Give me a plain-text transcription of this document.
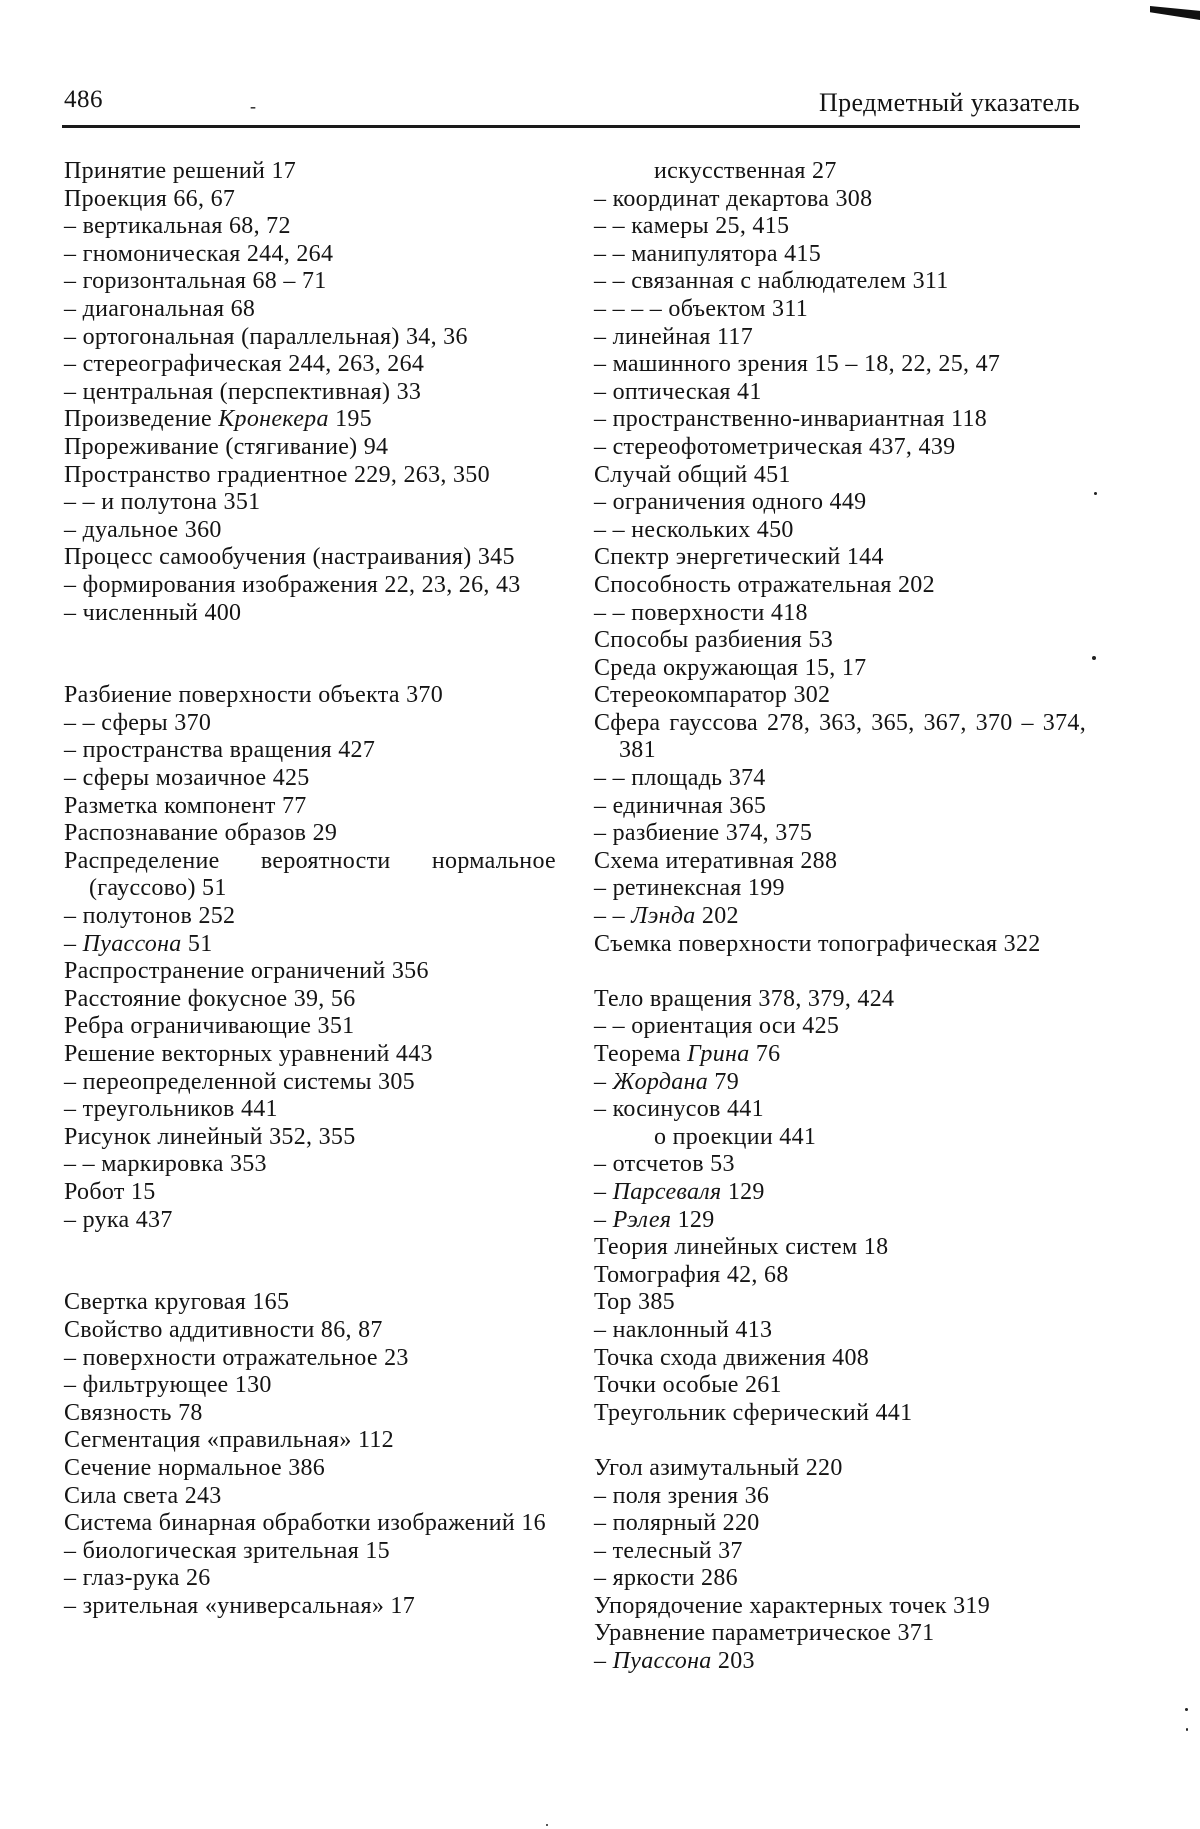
486	-	Предметный указатель

Принятие решений 17

Проекция 66, 67

– вертикальная 68, 72

– гномоническая 244, 264

– горизонтальная 68 – 71

– диагональная 68

– ортогональная (параллельная) 34, 36

– стереографическая 244, 263, 264

– центральная (перспективная) 33

Произведение Кронекера 195

Прореживание (стягивание) 94

Пространство градиентное 229, 263, 350

– – и полутона 351

– дуальное 360

Процесс самообучения (настраивания) 345

– формирования изображения 22, 23, 26, 43

– численный 400

Разбиение поверхности объекта 370

– – сферы 370

– пространства вращения 427

– сферы мозаичное 425

Разметка компонент 77

Распознавание образов 29

Распределение вероятности нормальное (гауссово) 51

– полутонов 252

– Пуассона 51

Распространение ограничений 356

Расстояние фокусное 39, 56

Ребра ограничивающие 351

Решение векторных уравнений 443

– переопределенной системы 305

– треугольников 441

Рисунок линейный 352, 355

– – маркировка 353

Робот 15

– рука 437

Свертка круговая 165

Свойство аддитивности 86, 87

– поверхности отражательное 23

– фильтрующее 130

Связность 78

Сегментация «правильная» 112

Сечение нормальное 386

Сила света 243

Система бинарная обработки изображений 16

– биологическая зрительная 15

– глаз-рука 26

– зрительная «универсальная» 17

искусственная 27

– координат декартова 308

– – камеры 25, 415

– – манипулятора 415

– – связанная с наблюдателем 311

– – – – объектом 311

– линейная 117

– машинного зрения 15 – 18, 22, 25, 47

– оптическая 41

– пространственно-инвариантная 118

– стереофотометрическая 437, 439

Случай общий 451

– ограничения одного 449

– – нескольких 450

Спектр энергетический 144

Способность отражательная 202

– – поверхности 418

Способы разбиения 53

Среда окружающая 15, 17

Стереокомпаратор 302

Сфера гауссова 278, 363, 365, 367, 370 – 374, 381

– – площадь 374

– единичная 365

– разбиение 374, 375

Схема итеративная 288

– ретинексная 199

– – Лэнда 202

Съемка поверхности топографическая 322

Тело вращения 378, 379, 424

– – ориентация оси 425

Теорема Грина 76

– Жордана 79

– косинусов 441

о проекции 441

– отсчетов 53

– Парсеваля 129

– Рэлея 129

Теория линейных систем 18

Томография 42, 68

Тор 385

– наклонный 413

Точка схода движения 408

Точки особые 261

Треугольник сферический 441

Угол азимутальный 220

– поля зрения 36

– полярный 220

– телесный 37

– яркости 286

Упорядочение характерных точек 319

Уравнение параметрическое 371

– Пуассона 203
